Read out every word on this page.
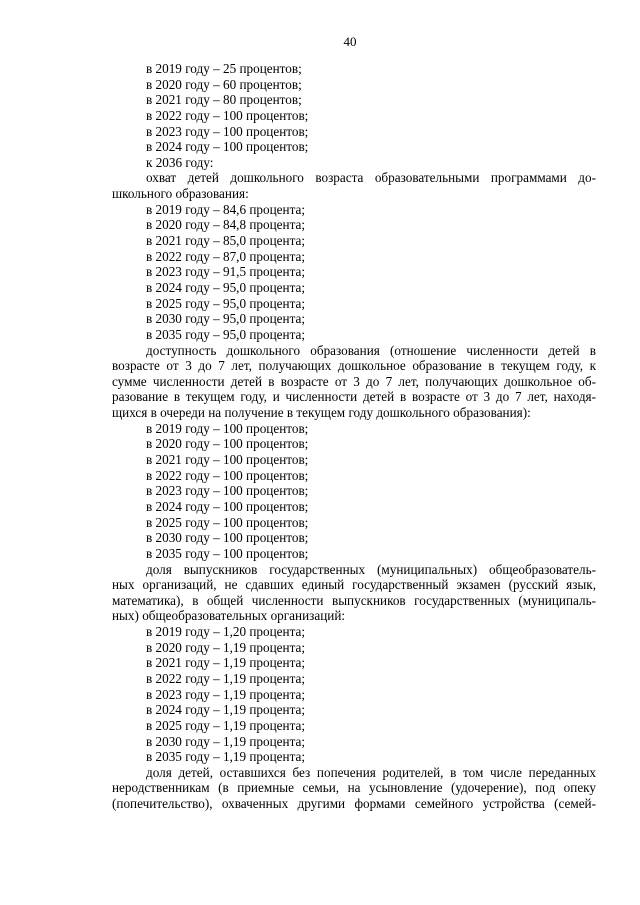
40
в 2019 году – 25 процентов;
в 2020 году – 60 процентов;
в 2021 году – 80 процентов;
в 2022 году – 100 процентов;
в 2023 году – 100 процентов;
в 2024 году – 100 процентов;
к 2036 году:
охват детей дошкольного возраста образовательными программами до-
школьного образования:
в 2019 году – 84,6 процента;
в 2020 году – 84,8 процента;
в 2021 году – 85,0 процента;
в 2022 году – 87,0 процента;
в 2023 году – 91,5 процента;
в 2024 году – 95,0 процента;
в 2025 году – 95,0 процента;
в 2030 году – 95,0 процента;
в 2035 году – 95,0 процента;
доступность дошкольного образования (отношение численности детей в
возрасте от 3 до 7 лет, получающих дошкольное образование в текущем году, к
сумме численности детей в возрасте от 3 до 7 лет, получающих дошкольное об-
разование в текущем году, и численности детей в возрасте от 3 до 7 лет, находя-
щихся в очереди на получение в текущем году дошкольного образования):
в 2019 году – 100 процентов;
в 2020 году – 100 процентов;
в 2021 году – 100 процентов;
в 2022 году – 100 процентов;
в 2023 году – 100 процентов;
в 2024 году – 100 процентов;
в 2025 году – 100 процентов;
в 2030 году – 100 процентов;
в 2035 году – 100 процентов;
доля выпускников государственных (муниципальных) общеобразователь-
ных организаций, не сдавших единый государственный экзамен (русский язык,
математика), в общей численности выпускников государственных (муниципаль-
ных) общеобразовательных организаций:
в 2019 году – 1,20 процента;
в 2020 году – 1,19 процента;
в 2021 году – 1,19 процента;
в 2022 году – 1,19 процента;
в 2023 году – 1,19 процента;
в 2024 году – 1,19 процента;
в 2025 году – 1,19 процента;
в 2030 году – 1,19 процента;
в 2035 году – 1,19 процента;
доля детей, оставшихся без попечения родителей, в том числе переданных
неродственникам (в приемные семьи, на усыновление (удочерение), под опеку
(попечительство), охваченных другими формами семейного устройства (семей-
